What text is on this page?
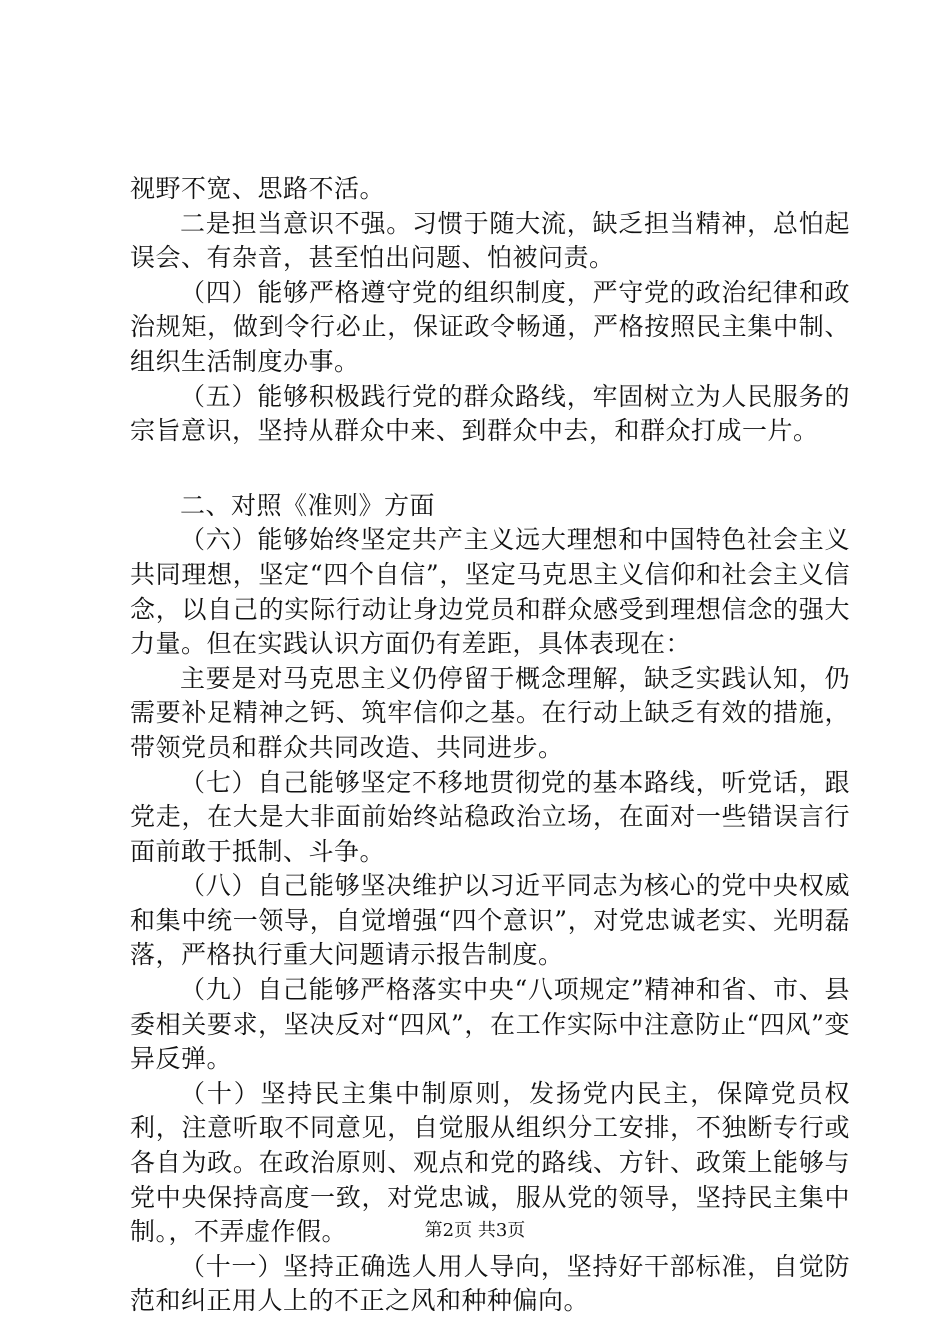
视野不宽、思路不活。

二是担当意识不强。习惯于随大流，缺乏担当精神，总怕起误会、有杂音，甚至怕出问题、怕被问责。

（四）能够严格遵守党的组织制度，严守党的政治纪律和政治规矩，做到令行必止，保证政令畅通，严格按照民主集中制、组织生活制度办事。

（五）能够积极践行党的群众路线，牢固树立为人民服务的宗旨意识，坚持从群众中来、到群众中去，和群众打成一片。

二、对照《准则》方面

（六）能够始终坚定共产主义远大理想和中国特色社会主义共同理想，坚定“四个自信”，坚定马克思主义信仰和社会主义信念，以自己的实际行动让身边党员和群众感受到理想信念的强大力量。但在实践认识方面仍有差距，具体表现在：

主要是对马克思主义仍停留于概念理解，缺乏实践认知，仍需要补足精神之钙、筑牢信仰之基。在行动上缺乏有效的措施，带领党员和群众共同改造、共同进步。

（七）自己能够坚定不移地贯彻党的基本路线，听党话，跟党走，在大是大非面前始终站稳政治立场，在面对一些错误言行面前敢于抵制、斗争。

（八）自己能够坚决维护以习近平同志为核心的党中央权威和集中统一领导，自觉增强“四个意识”，对党忠诚老实、光明磊落，严格执行重大问题请示报告制度。

（九）自己能够严格落实中央“八项规定”精神和省、市、县委相关要求，坚决反对“四风”，在工作实际中注意防止“四风”变异反弹。

（十）坚持民主集中制原则，发扬党内民主，保障党员权利，注意听取不同意见，自觉服从组织分工安排，不独断专行或各自为政。在政治原则、观点和党的路线、方针、政策上能够与党中央保持高度一致，对党忠诚，服从党的领导，坚持民主集中制。，不弄虚作假。

（十一）坚持正确选人用人导向，坚持好干部标准，自觉防范和纠正用人上的不正之风和种种偏向。

第2页 共3页
